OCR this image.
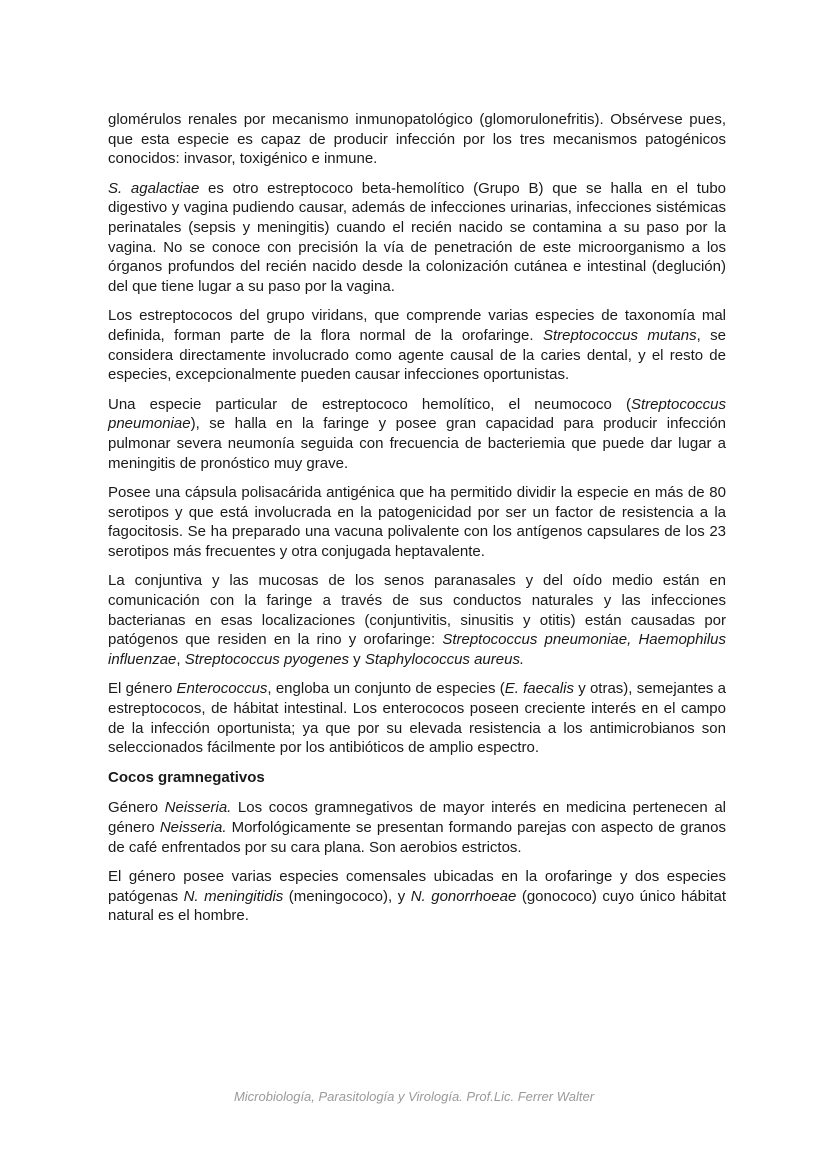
glomérulos renales por mecanismo inmunopatológico (glomorulonefritis). Obsérvese pues, que esta especie es capaz de producir infección por los tres mecanismos patogénicos conocidos: invasor, toxigénico e inmune.

S. agalactiae es otro estreptococo beta-hemolítico (Grupo B) que se halla en el tubo digestivo y vagina pudiendo causar, además de infecciones urinarias, infecciones sistémicas perinatales (sepsis y meningitis) cuando el recién nacido se contamina a su paso por la vagina. No se conoce con precisión la vía de penetración de este microorganismo a los órganos profundos del recién nacido desde la colonización cutánea e intestinal (deglución) del que tiene lugar a su paso por la vagina.

Los estreptococos del grupo viridans, que comprende varias especies de taxonomía mal definida, forman parte de la flora normal de la orofaringe. Streptococcus mutans, se considera directamente involucrado como agente causal de la caries dental, y el resto de especies, excepcionalmente pueden causar infecciones oportunistas.

Una especie particular de estreptococo hemolítico, el neumococo (Streptococcus pneumoniae), se halla en la faringe y posee gran capacidad para producir infección pulmonar severa neumonía seguida con frecuencia de bacteriemia que puede dar lugar a meningitis de pronóstico muy grave.

Posee una cápsula polisacárida antigénica que ha permitido dividir la especie en más de 80 serotipos y que está involucrada en la patogenicidad por ser un factor de resistencia a la fagocitosis. Se ha preparado una vacuna polivalente con los antígenos capsulares de los 23 serotipos más frecuentes y otra conjugada heptavalente.

La conjuntiva y las mucosas de los senos paranasales y del oído medio están en comunicación con la faringe a través de sus conductos naturales y las infecciones bacterianas en esas localizaciones (conjuntivitis, sinusitis y otitis) están causadas por patógenos que residen en la rino y orofaringe: Streptococcus pneumoniae, Haemophilus influenzae, Streptococcus pyogenes y Staphylococcus aureus.

El género Enterococcus, engloba un conjunto de especies (E. faecalis y otras), semejantes a estreptococos, de hábitat intestinal. Los enterococos poseen creciente interés en el campo de la infección oportunista; ya que por su elevada resistencia a los antimicrobianos son seleccionados fácilmente por los antibióticos de amplio espectro.

Cocos gramnegativos

Género Neisseria. Los cocos gramnegativos de mayor interés en medicina pertenecen al género Neisseria. Morfológicamente se presentan formando parejas con aspecto de granos de café enfrentados por su cara plana. Son aerobios estrictos.

El género posee varias especies comensales ubicadas en la orofaringe y dos especies patógenas N. meningitidis (meningococo), y N. gonorrhoeae (gonococo) cuyo único hábitat natural es el hombre.

Microbiología, Parasitología y Virología. Prof.Lic. Ferrer Walter
